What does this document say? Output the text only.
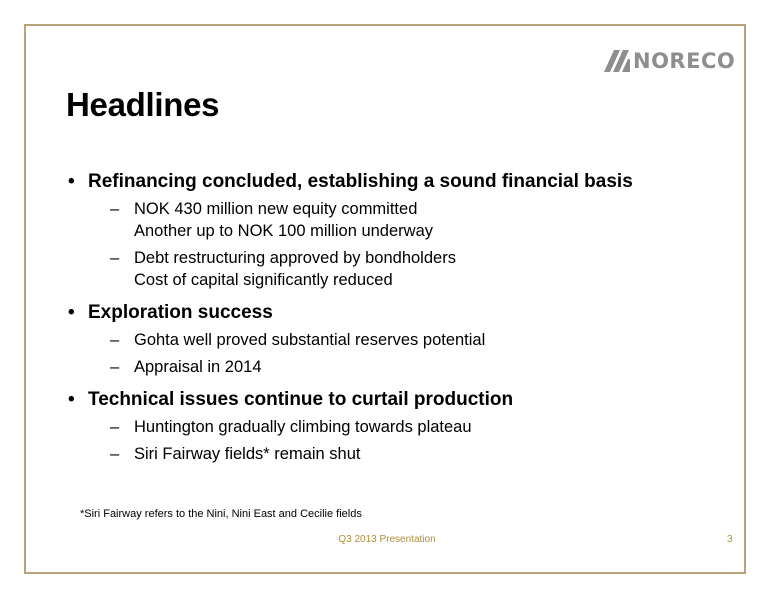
NORECO
Headlines
• Refinancing concluded, establishing a sound financial basis
– NOK 430 million new equity committed
Another up to NOK 100 million underway
– Debt restructuring approved by bondholders
Cost of capital significantly reduced
• Exploration success
– Gohta well proved substantial reserves potential
– Appraisal in 2014
• Technical issues continue to curtail production
– Huntington gradually climbing towards plateau
– Siri Fairway fields* remain shut
*Siri Fairway refers to the Nini, Nini East and Cecilie fields
Q3 2013 Presentation	3
